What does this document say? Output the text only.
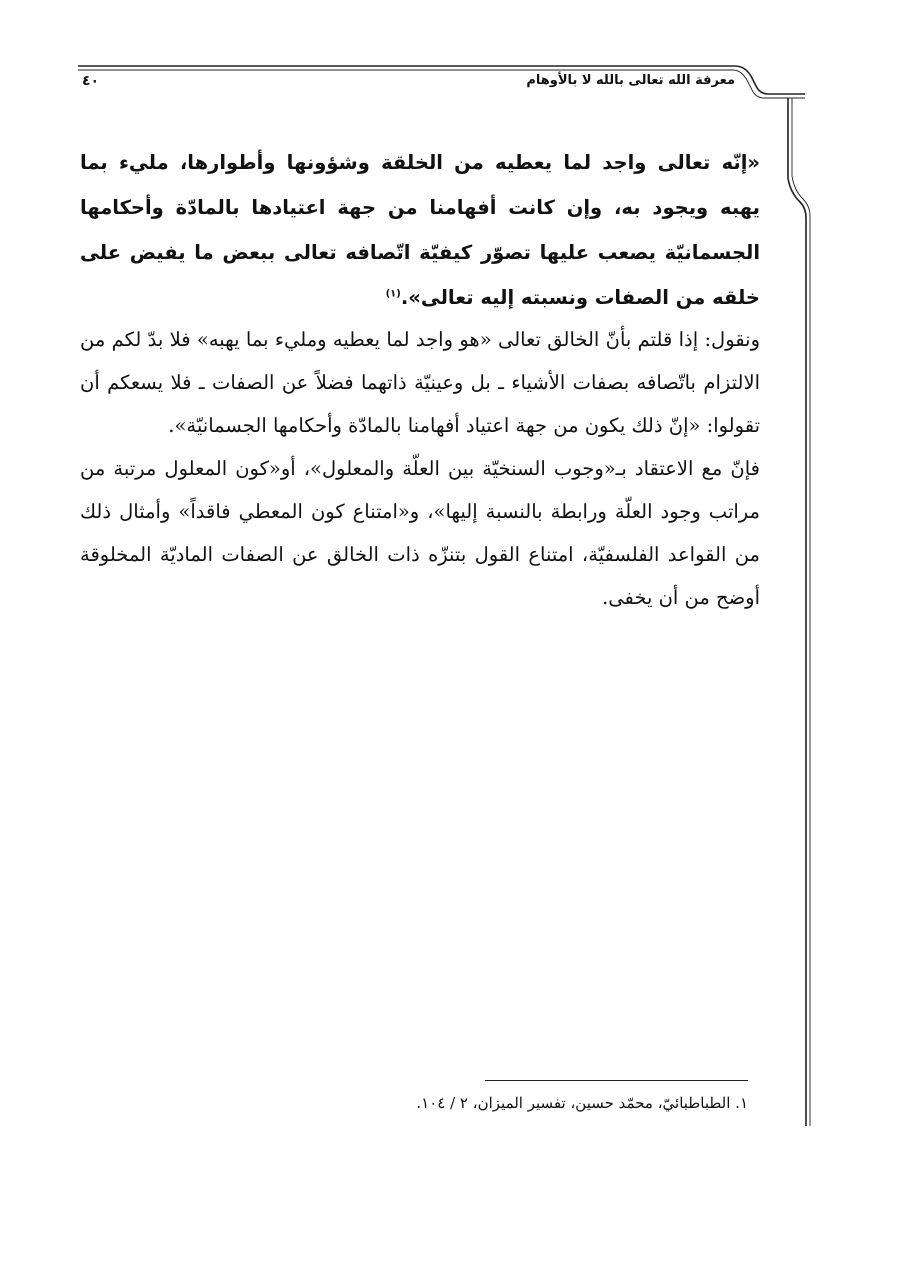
معرفة الله تعالى بالله لا بالأوهام
٤٠
«إنّه تعالى واجد لما يعطيه من الخلقة وشؤونها وأطوارها، مليء بما يهبه ويجود به، وإن كانت أفهامنا من جهة اعتيادها بالمادّة وأحكامها الجسمانيّة يصعب عليها تصوّر كيفيّة اتّصافه تعالى ببعض ما يفيض على خلقه من الصفات ونسبته إليه تعالى».$^{(١)}$

ونقول: إذا قلتم بأنّ الخالق تعالى «هو واجد لما يعطيه ومليء بما يهبه» فلا بدّ لكم من الالتزام باتّصافه بصفات الأشياء ـ بل وعينيّة ذاتهما فضلاً عن الصفات ـ فلا يسعكم أن تقولوا: «إنّ ذلك يكون من جهة اعتياد أفهامنا بالمادّة وأحكامها الجسمانيّة».

فإنّ مع الاعتقاد بـ«وجوب السنخيّة بين العلّة والمعلول»، أو«كون المعلول مرتبة من مراتب وجود العلّة ورابطة بالنسبة إليها»، و«امتناع كون المعطي فاقداً» وأمثال ذلك من القواعد الفلسفيّة، امتناع القول بتنزّه ذات الخالق عن الصفات الماديّة المخلوقة أوضح من أن يخفى.

١. الطباطبائيّ، محمّد حسين، تفسير الميزان، ٢ / ١٠٤.
